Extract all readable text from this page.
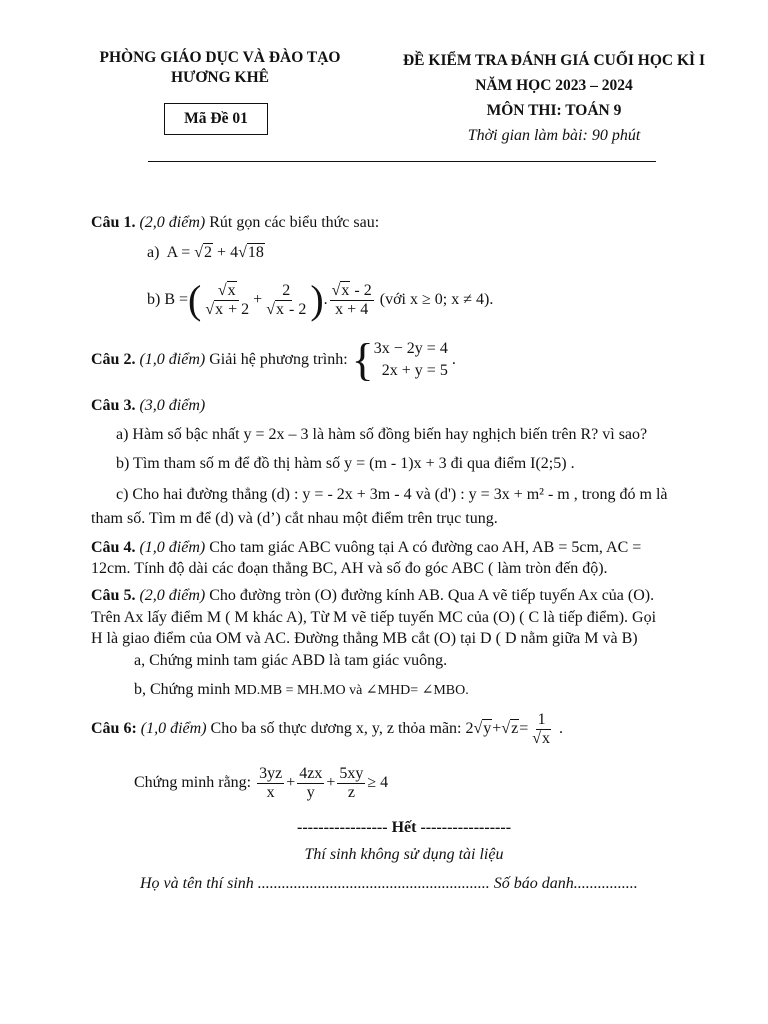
PHÒNG GIÁO DỤC VÀ ĐÀO TẠO
HƯƠNG KHÊ
Mã Đề 01
ĐỀ KIỂM TRA ĐÁNH GIÁ CUỐI HỌC KÌ I
NĂM HỌC 2023 – 2024
MÔN THI: TOÁN 9
Thời gian làm bài: 90 phút
Câu 1. (2,0 điểm) Rút gọn các biểu thức sau:
a) A = √2 + 4√18
b)
B = ( $\frac{√x}{√x + 2} + \frac{2}{√x - 2}$ ) . $\frac{√x - 2}{x + 4}$
(với x ≥ 0; x ≠ 4).
Câu 2.
(1,0 điểm)
Giải hệ phương trình:
{ 3x − 2y = 4
2x + y = 5
.
Câu 3. (3,0 điểm)
a) Hàm số bậc nhất y = 2x – 3 là hàm số đồng biến hay nghịch biến trên R? vì sao?
b) Tìm tham số m để đồ thị hàm số y = (m - 1)x + 3 đi qua điểm I(2;5) .
c) Cho hai đường thẳng (d) : y = - 2x + 3m - 4 và (d') : y = 3x + m² - m , trong đó m là
tham số. Tìm m để (d) và (d’) cắt nhau một điểm trên trục tung.
Câu 4. (1,0 điểm) Cho tam giác ABC vuông tại A có đường cao AH, AB = 5cm, AC =
12cm. Tính độ dài các đoạn thẳng BC, AH và số đo góc ABC ( làm tròn đến độ).
Câu 5. (2,0 điểm) Cho đường tròn (O) đường kính AB. Qua A vẽ tiếp tuyến Ax của (O).
Trên Ax lấy điểm M ( M khác A), Từ M vẽ tiếp tuyến MC của (O) ( C là tiếp điểm). Gọi
H là giao điểm của OM và AC. Đường thẳng MB cắt (O) tại D ( D nằm giữa M và B)
a, Chứng minh tam giác ABD là tam giác vuông.
b, Chứng minh MD.MB = MH.MO và ∠MHD= ∠MBO.
Câu 6:
(1,0 điểm)
Cho ba số thực dương x, y, z thỏa mãn:
2 $√y + √z = \frac{1}{√x}$ .
Chứng minh rằng:
$\frac{3yz}{x} + \frac{4zx}{y} + \frac{5xy}{z} \ge 4$
----------------- Hết -----------------
Thí sinh không sử dụng tài liệu
Họ và tên thí sinh .......................................................... Số báo danh................
